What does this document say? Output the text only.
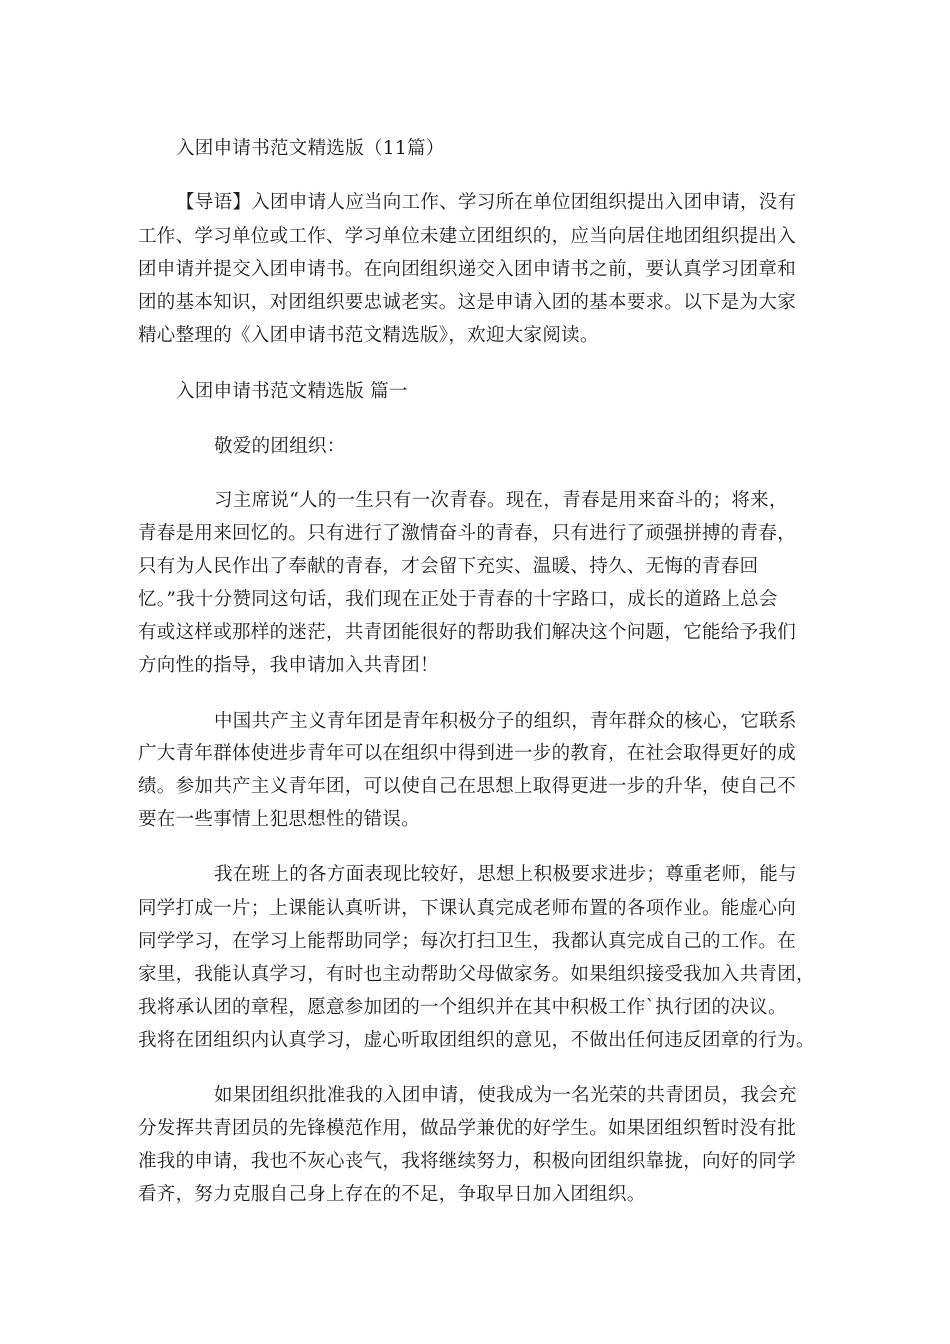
入团申请书范文精选版（11篇）
【导语】入团申请人应当向工作、学习所在单位团组织提出入团申请，没有
工作、学习单位或工作、学习单位未建立团组织的，应当向居住地团组织提出入
团申请并提交入团申请书。在向团组织递交入团申请书之前，要认真学习团章和
团的基本知识，对团组织要忠诚老实。这是申请入团的基本要求。以下是为大家
精心整理的《入团申请书范文精选版》，欢迎大家阅读。
入团申请书范文精选版 篇一
敬爱的团组织：
习主席说“人的一生只有一次青春。现在，青春是用来奋斗的；将来，
青春是用来回忆的。只有进行了激情奋斗的青春，只有进行了顽强拼搏的青春，
只有为人民作出了奉献的青春，才会留下充实、温暖、持久、无悔的青春回
忆。”我十分赞同这句话，我们现在正处于青春的十字路口，成长的道路上总会
有或这样或那样的迷茫，共青团能很好的帮助我们解决这个问题，它能给予我们
方向性的指导，我申请加入共青团！
中国共产主义青年团是青年积极分子的组织，青年群众的核心，它联系
广大青年群体使进步青年可以在组织中得到进一步的教育，在社会取得更好的成
绩。参加共产主义青年团，可以使自己在思想上取得更进一步的升华，使自己不
要在一些事情上犯思想性的错误。
我在班上的各方面表现比较好，思想上积极要求进步；尊重老师，能与
同学打成一片；上课能认真听讲，下课认真完成老师布置的各项作业。能虚心向
同学学习，在学习上能帮助同学；每次打扫卫生，我都认真完成自己的工作。在
家里，我能认真学习，有时也主动帮助父母做家务。如果组织接受我加入共青团，
我将承认团的章程，愿意参加团的一个组织并在其中积极工作`执行团的决议。
我将在团组织内认真学习，虚心听取团组织的意见，不做出任何违反团章的行为。
如果团组织批准我的入团申请，使我成为一名光荣的共青团员，我会充
分发挥共青团员的先锋模范作用，做品学兼优的好学生。如果团组织暂时没有批
准我的申请，我也不灰心丧气，我将继续努力，积极向团组织靠拢，向好的同学
看齐，努力克服自己身上存在的不足，争取早日加入团组织。
